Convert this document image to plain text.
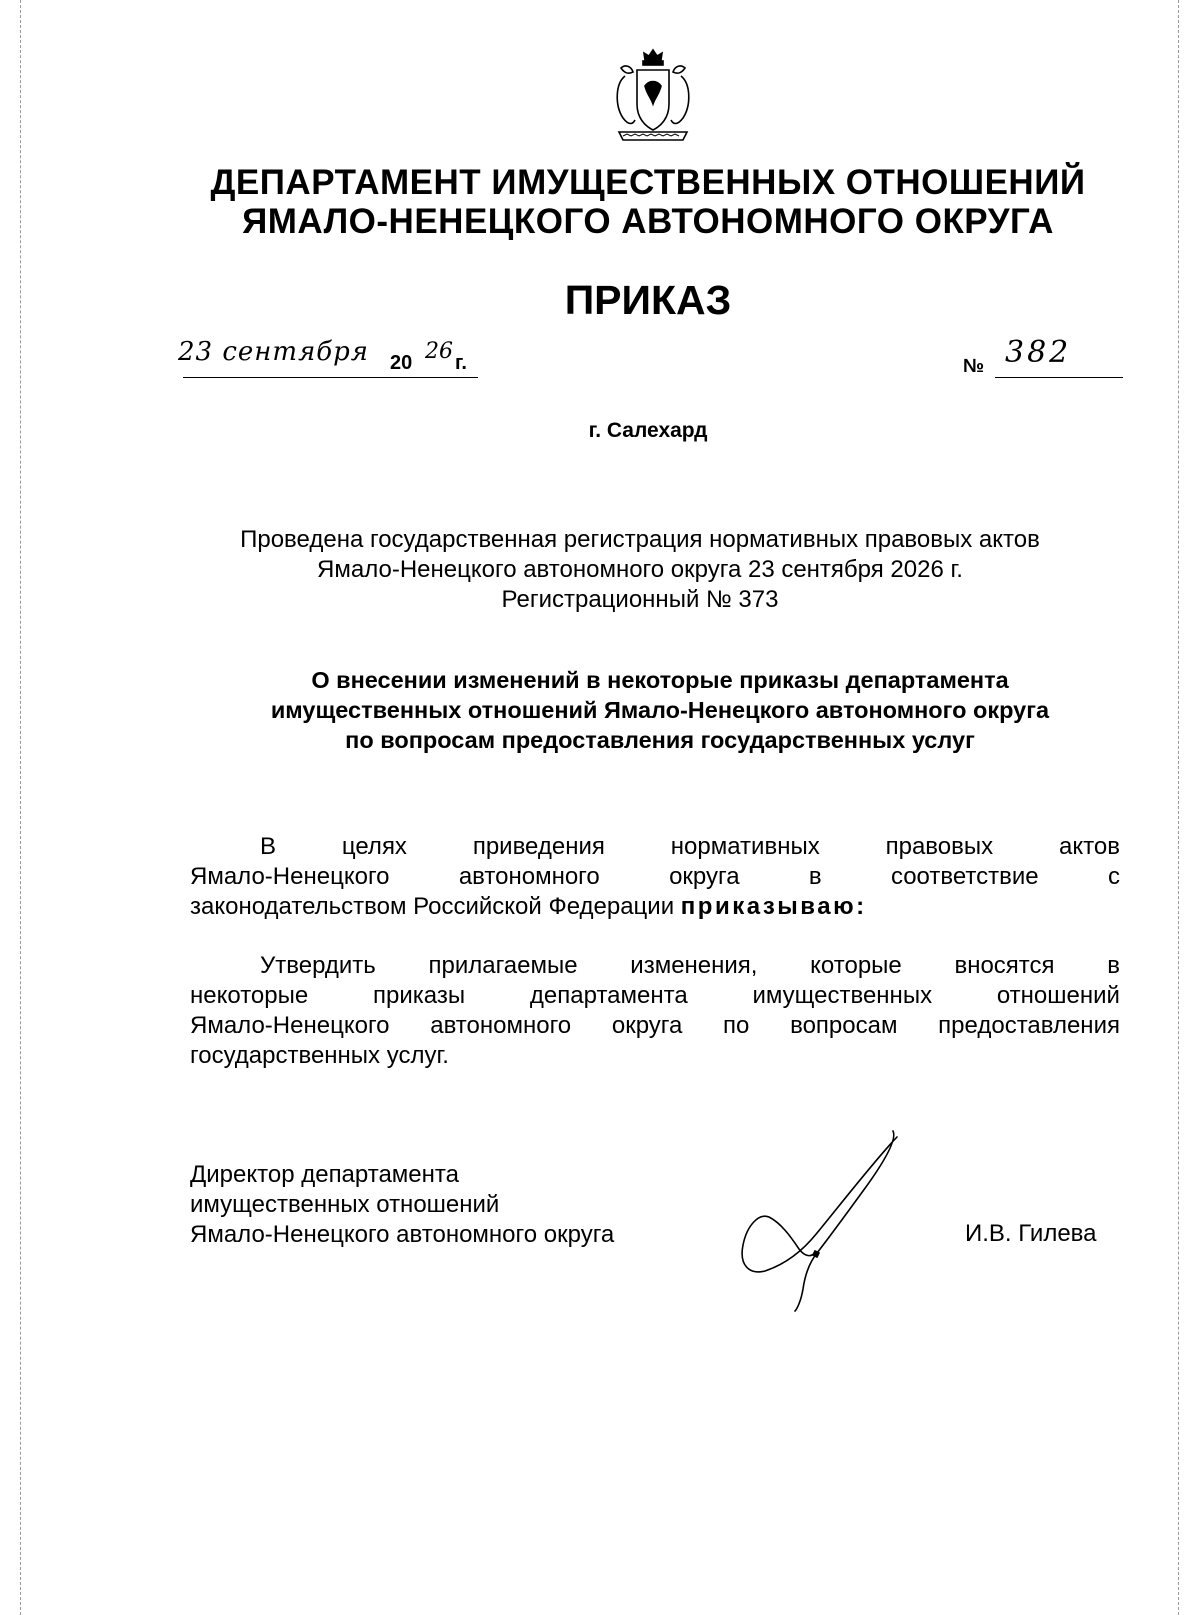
ДЕПАРТАМЕНТ ИМУЩЕСТВЕННЫХ ОТНОШЕНИЙ
ЯМАЛО-НЕНЕЦКОГО АВТОНОМНОГО ОКРУГА
ПРИКАЗ
23 сентября 20 26 г.	№ 382
г. Салехард
Проведена государственная регистрация нормативных правовых актов
Ямало-Ненецкого автономного округа 23 сентября 2026 г.
Регистрационный № 373
О внесении изменений в некоторые приказы департамента
имущественных отношений Ямало-Ненецкого автономного округа
по вопросам предоставления государственных услуг
В	целях	приведения	нормативных	правовых	актов
Ямало-Ненецкого	автономного	округа	в	соответствие	с
законодательством Российской Федерации приказываю:
Утвердить прилагаемые изменения, которые вносятся в
некоторые	приказы	департамента	имущественных	отношений
Ямало-Ненецкого автономного округа по вопросам предоставления
государственных услуг.
Директор департамента
имущественных отношений
Ямало-Ненецкого автономного округа	И.В. Гилева
